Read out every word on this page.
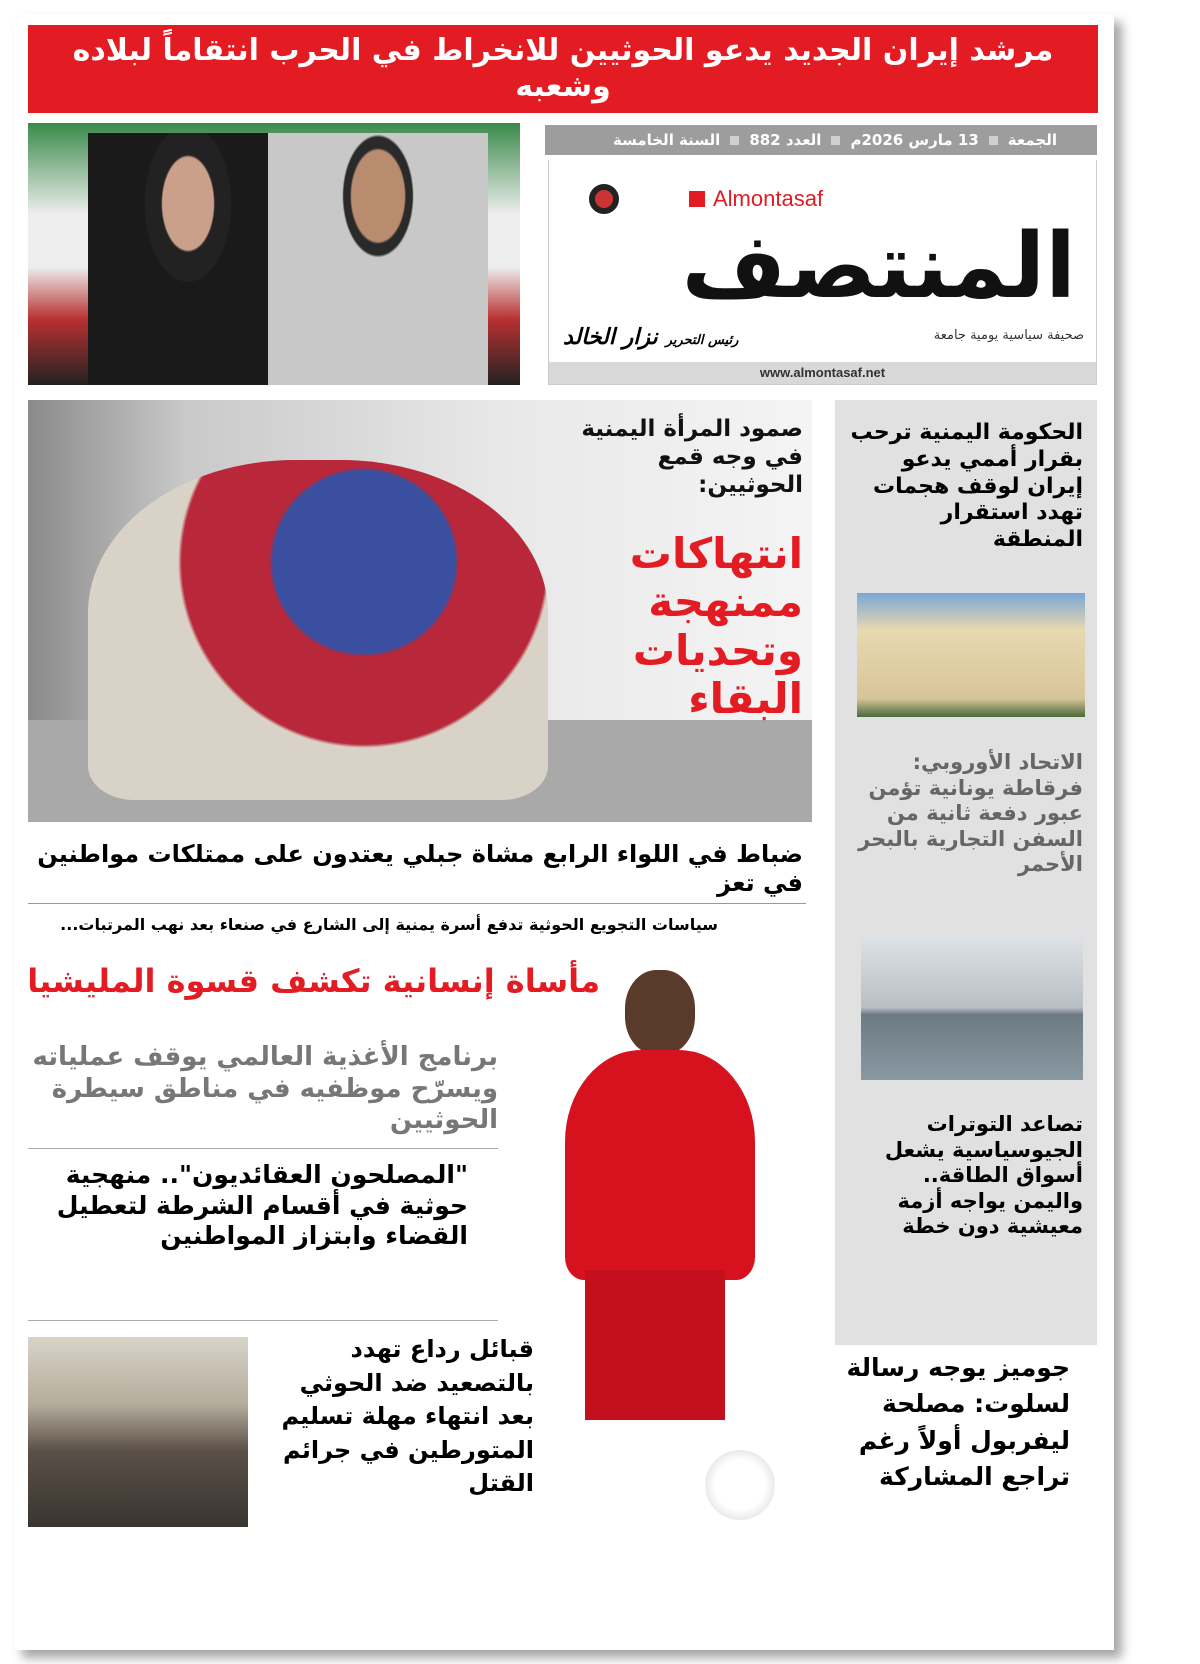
مرشد إيران الجديد يدعو الحوثيين للانخراط في الحرب انتقاماً لبلاده وشعبه
الجمعة
13 مارس 2026م
العدد 882
السنة الخامسة
Almontasaf
المنتصف
صحيفة سياسية يومية جامعة
رئيس التحرير
نزار الخالد
www.almontasaf.net
صمود المرأة اليمنية في وجه قمع الحوثيين:
انتهاكات ممنهجة وتحديات البقاء
الحكومة اليمنية ترحب بقرار أممي يدعو إيران لوقف هجمات تهدد استقرار المنطقة
الاتحاد الأوروبي: فرقاطة يونانية تؤمن عبور دفعة ثانية من السفن التجارية بالبحر الأحمر
تصاعد التوترات الجيوسياسية يشعل أسواق الطاقة.. واليمن يواجه أزمة معيشية دون خطة
ضباط في اللواء الرابع مشاة جبلي يعتدون على ممتلكات مواطنين في تعز
سياسات التجويع الحوثية تدفع أسرة يمنية إلى الشارع في صنعاء بعد نهب المرتبات...
مأساة إنسانية تكشف قسوة المليشيا
برنامج الأغذية العالمي يوقف عملياته ويسرّح موظفيه في مناطق سيطرة الحوثيين
"المصلحون العقائديون".. منهجية حوثية في أقسام الشرطة لتعطيل القضاء وابتزاز المواطنين
قبائل رداع تهدد بالتصعيد ضد الحوثي بعد انتهاء مهلة تسليم المتورطين في جرائم القتل
جوميز يوجه رسالة لسلوت: مصلحة ليفربول أولاً رغم تراجع المشاركة
